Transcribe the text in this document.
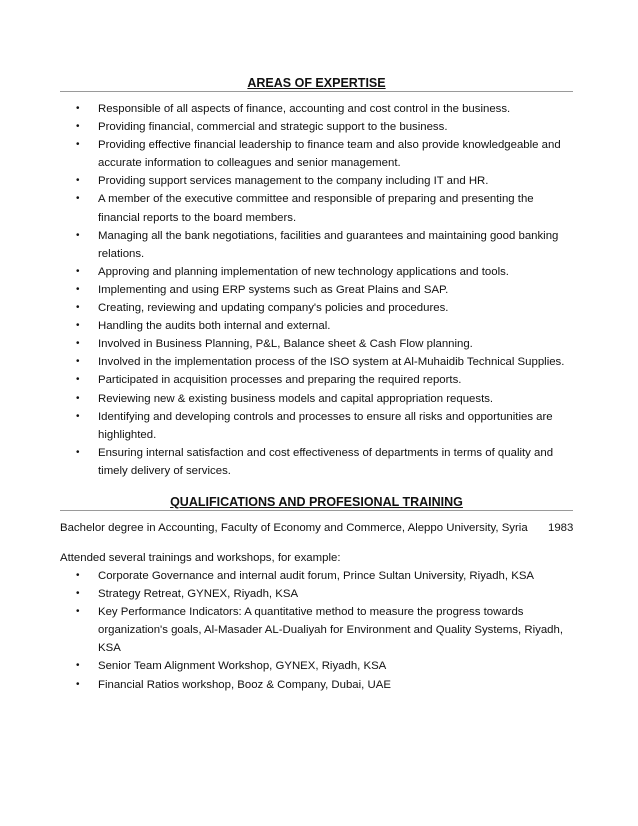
AREAS OF EXPERTISE
• Responsible of all aspects of finance, accounting and cost control in the business.
• Providing financial, commercial and strategic support to the business.
• Providing effective financial leadership to finance team and also provide knowledgeable and accurate information to colleagues and senior management.
• Providing support services management to the company including IT and HR.
• A member of the executive committee and responsible of preparing and presenting the financial reports to the board members.
• Managing all the bank negotiations, facilities and guarantees and maintaining good banking relations.
• Approving and planning implementation of new technology applications and tools.
• Implementing and using ERP systems such as Great Plains and SAP.
• Creating, reviewing and updating company's policies and procedures.
• Handling the audits both internal and external.
• Involved in Business Planning, P&L, Balance sheet & Cash Flow planning.
• Involved in the implementation process of the ISO system at Al-Muhaidib Technical Supplies.
• Participated in acquisition processes and preparing the required reports.
• Reviewing new & existing business models and capital appropriation requests.
• Identifying and developing controls and processes to ensure all risks and opportunities are highlighted.
• Ensuring internal satisfaction and cost effectiveness of departments in terms of quality and timely delivery of services.
QUALIFICATIONS AND PROFESIONAL TRAINING
Bachelor degree in Accounting, Faculty of Economy and Commerce, Aleppo University, Syria 1983
Attended several trainings and workshops, for example:
• Corporate Governance and internal audit forum, Prince Sultan University, Riyadh, KSA
• Strategy Retreat, GYNEX, Riyadh, KSA
• Key Performance Indicators: A quantitative method to measure the progress towards organization's goals, Al-Masader AL-Dualiyah for Environment and Quality Systems, Riyadh, KSA
• Senior Team Alignment Workshop, GYNEX, Riyadh, KSA
• Financial Ratios workshop, Booz & Company, Dubai, UAE
